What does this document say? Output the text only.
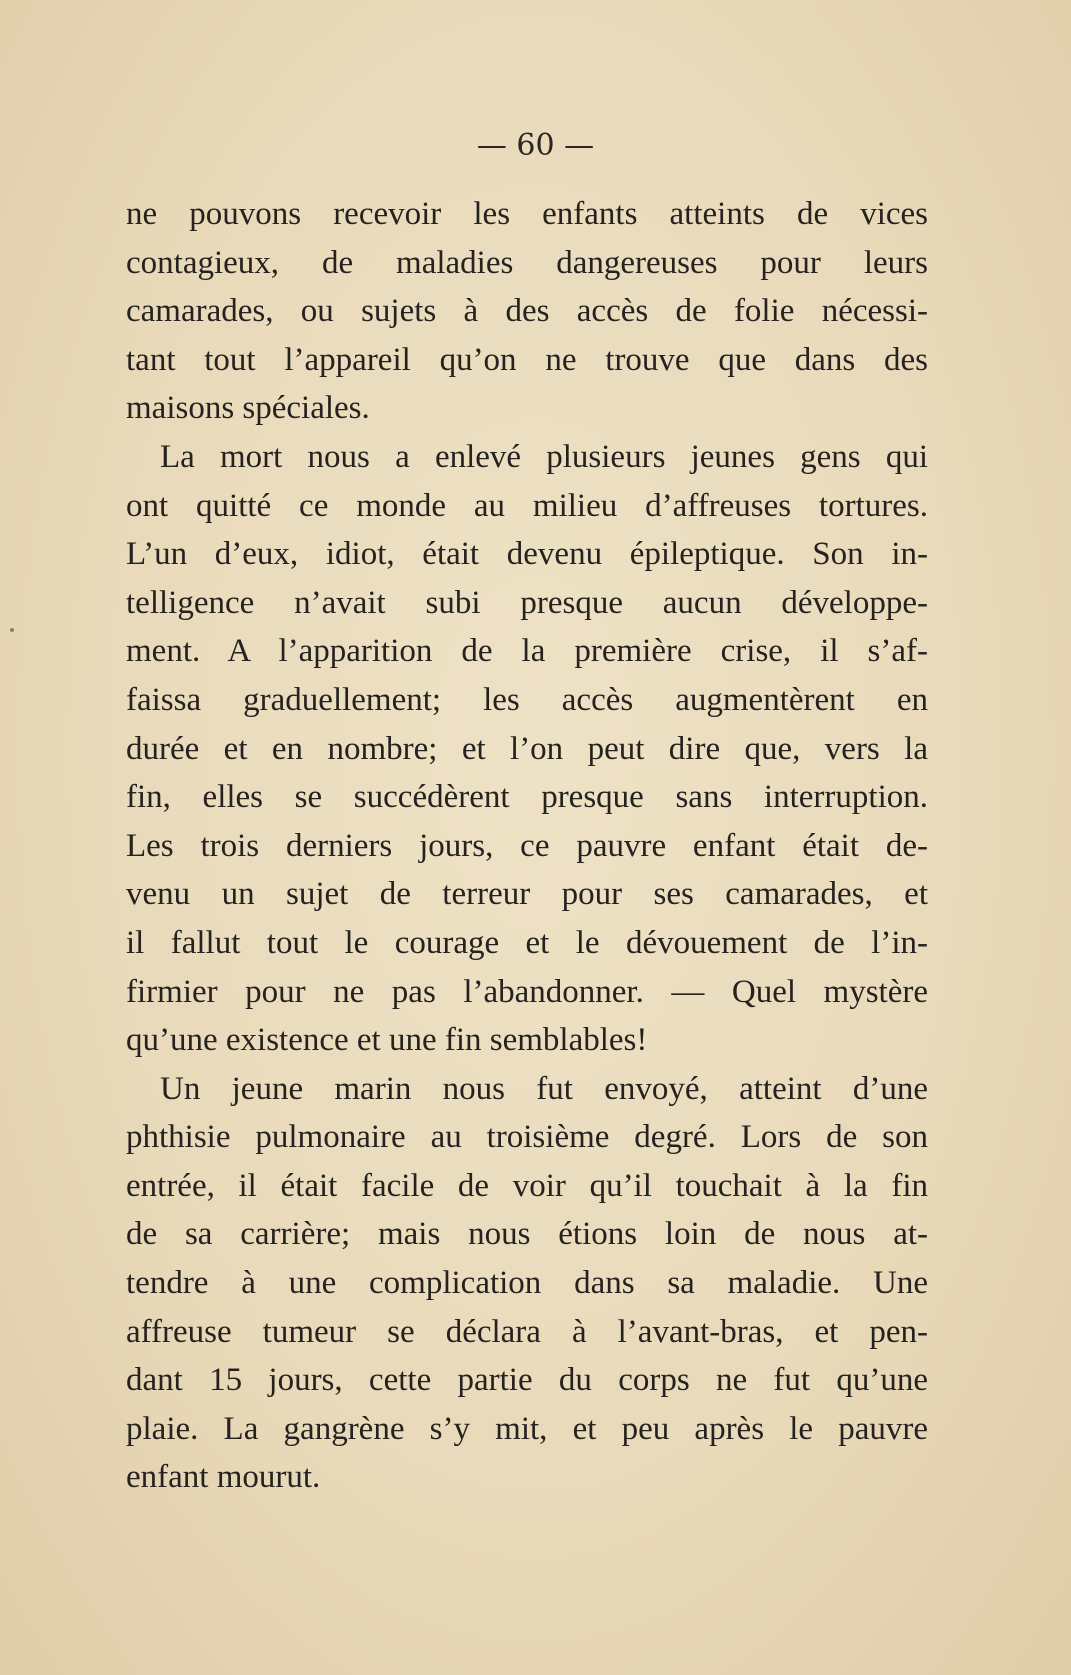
— 60 —
ne pouvons recevoir les enfants atteints de vices
contagieux, de maladies dangereuses pour leurs
camarades, ou sujets à des accès de folie nécessi-
tant tout l’appareil qu’on ne trouve que dans des
maisons spéciales.
La mort nous a enlevé plusieurs jeunes gens qui
ont quitté ce monde au milieu d’affreuses tortures.
L’un d’eux, idiot, était devenu épileptique. Son in-
telligence n’avait subi presque aucun développe-
ment. A l’apparition de la première crise, il s’af-
faissa graduellement; les accès augmentèrent en
durée et en nombre; et l’on peut dire que, vers la
fin, elles se succédèrent presque sans interruption.
Les trois derniers jours, ce pauvre enfant était de-
venu un sujet de terreur pour ses camarades, et
il fallut tout le courage et le dévouement de l’in-
firmier pour ne pas l’abandonner. — Quel mystère
qu’une existence et une fin semblables!
Un jeune marin nous fut envoyé, atteint d’une
phthisie pulmonaire au troisième degré. Lors de son
entrée, il était facile de voir qu’il touchait à la fin
de sa carrière; mais nous étions loin de nous at-
tendre à une complication dans sa maladie. Une
affreuse tumeur se déclara à l’avant-bras, et pen-
dant 15 jours, cette partie du corps ne fut qu’une
plaie. La gangrène s’y mit, et peu après le pauvre
enfant mourut.
